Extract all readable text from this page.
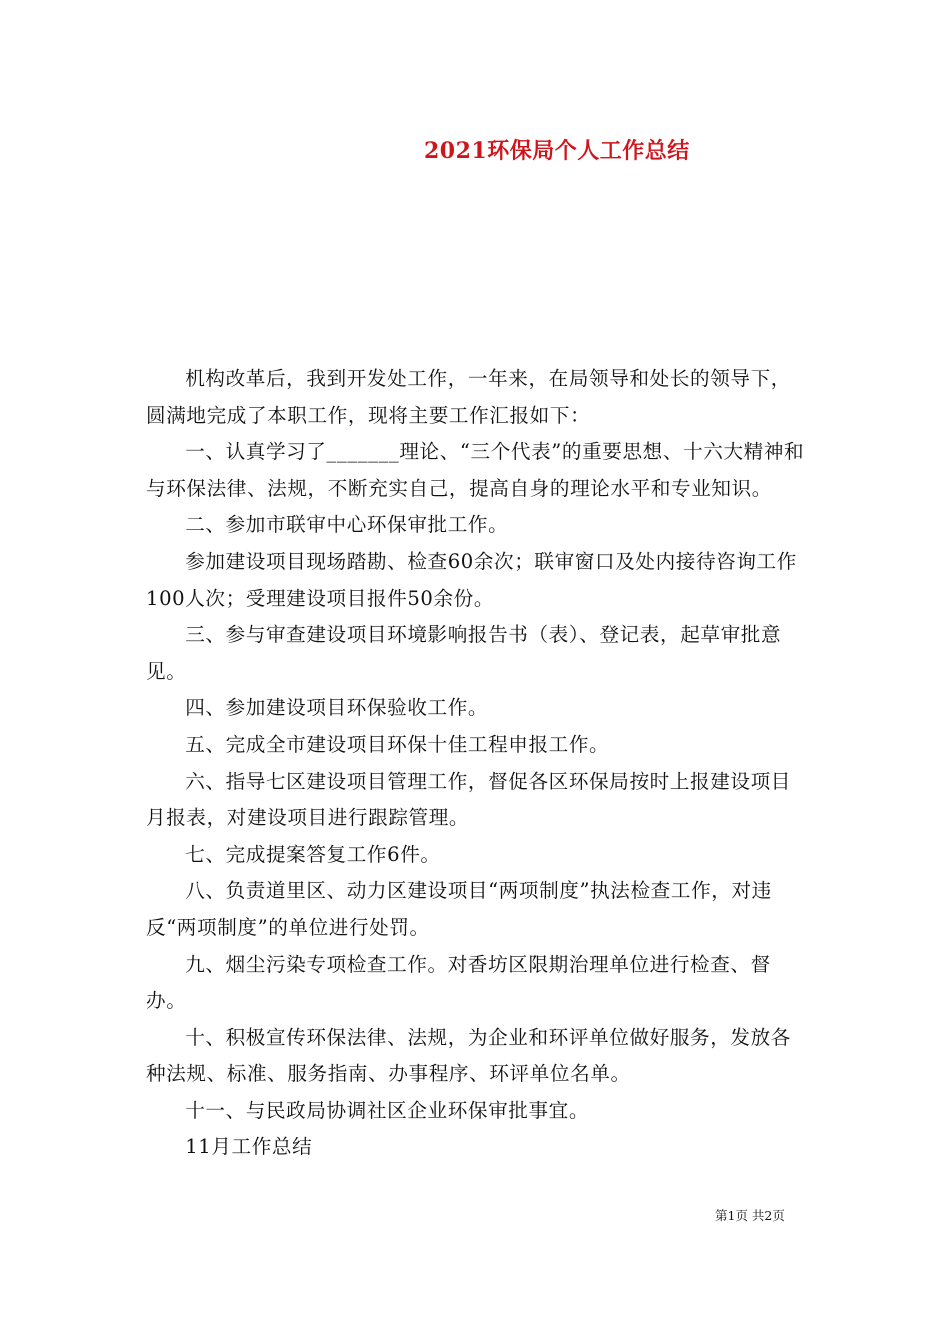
2021环保局个人工作总结

机构改革后，我到开发处工作，一年来，在局领导和处长的领导下，圆满地完成了本职工作，现将主要工作汇报如下：

一、认真学习了_______理论、“三个代表”的重要思想、十六大精神和与环保法律、法规，不断充实自己，提高自身的理论水平和专业知识。

二、参加市联审中心环保审批工作。

参加建设项目现场踏勘、检查60余次；联审窗口及处内接待咨询工作100人次；受理建设项目报件50余份。

三、参与审查建设项目环境影响报告书（表）、登记表，起草审批意见。

四、参加建设项目环保验收工作。

五、完成全市建设项目环保十佳工程申报工作。

六、指导七区建设项目管理工作，督促各区环保局按时上报建设项目月报表，对建设项目进行跟踪管理。

七、完成提案答复工作6件。

八、负责道里区、动力区建设项目“两项制度”执法检查工作，对违反“两项制度”的单位进行处罚。

九、烟尘污染专项检查工作。对香坊区限期治理单位进行检查、督办。

十、积极宣传环保法律、法规，为企业和环评单位做好服务，发放各种法规、标准、服务指南、办事程序、环评单位名单。

十一、与民政局协调社区企业环保审批事宜。

11月工作总结

第1页 共2页
